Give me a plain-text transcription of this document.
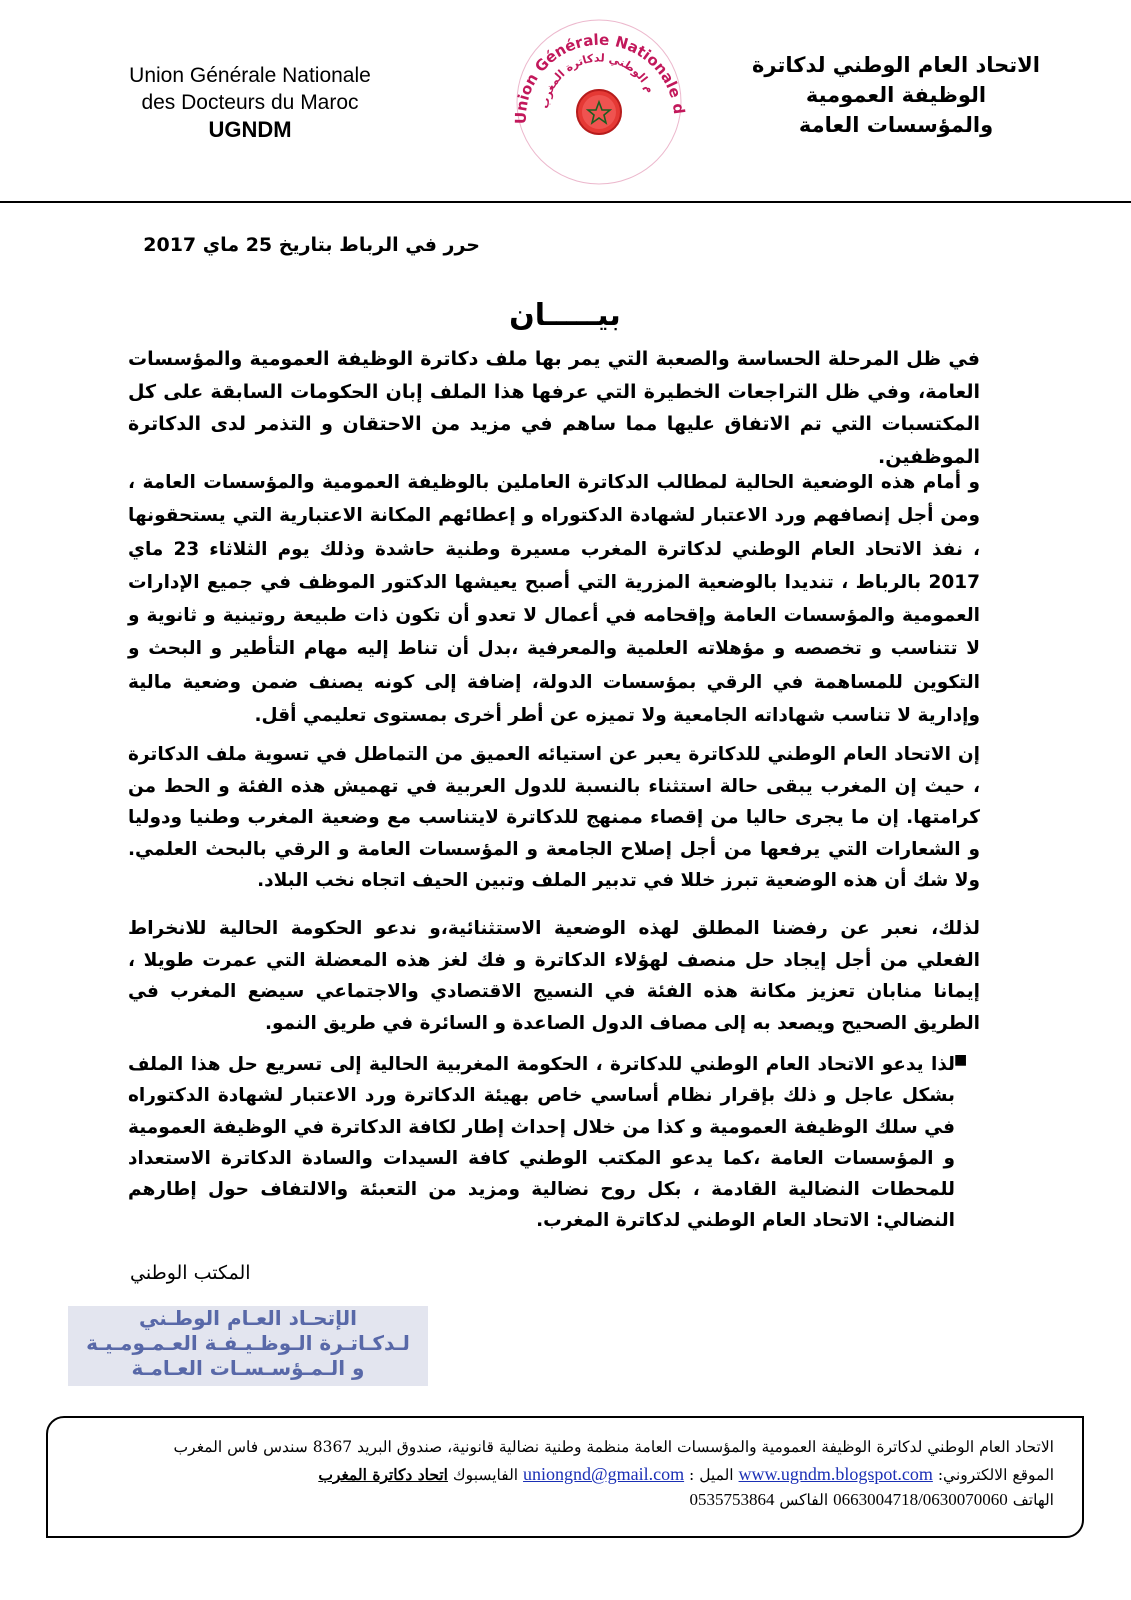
Union Générale Nationale
des Docteurs du Maroc
UGNDM	Union Générale Nationale d
م الوطني لدكاترة المغرب	الاتحاد العام الوطني لدكاترة
الوظيفة العمومية
والمؤسسات العامة
حرر في الرباط بتاريخ 25 ماي 2017
بيـــــان
في ظل المرحلة الحساسة والصعبة التي يمر بها ملف دكاترة الوظيفة العمومية والمؤسسات العامة، وفي ظل التراجعات الخطيرة التي عرفها هذا الملف إبان الحكومات السابقة على كل المكتسبات التي تم الاتفاق عليها مما ساهم في مزيد من الاحتقان و التذمر لدى الدكاترة الموظفين.
و أمام هذه الوضعية الحالية لمطالب الدكاترة العاملين بالوظيفة العمومية والمؤسسات العامة ، ومن أجل إنصافهم ورد الاعتبار لشهادة الدكتوراه و إعطائهم المكانة الاعتبارية التي يستحقونها ، نفذ الاتحاد العام الوطني لدكاترة المغرب مسيرة وطنية حاشدة وذلك يوم الثلاثاء 23 ماي 2017 بالرباط ، تنديدا بالوضعية المزرية التي أصبح يعيشها الدكتور الموظف في جميع الإدارات العمومية والمؤسسات العامة وإقحامه في أعمال لا تعدو أن تكون ذات طبيعة روتينية و ثانوية و لا تتناسب و تخصصه و مؤهلاته العلمية والمعرفية ،بدل أن تناط إليه مهام التأطير و البحث و التكوين للمساهمة في الرقي بمؤسسات الدولة، إضافة إلى كونه يصنف ضمن وضعية مالية وإدارية لا تناسب شهاداته الجامعية ولا تميزه عن أطر أخرى بمستوى تعليمي أقل.
إن الاتحاد العام الوطني للدكاترة يعبر عن استيائه العميق من التماطل في تسوية ملف الدكاترة ، حيث إن المغرب يبقى حالة استثناء بالنسبة للدول العربية في تهميش هذه الفئة و الحط من كرامتها. إن ما يجرى حاليا من إقصاء ممنهج للدكاترة لايتناسب مع وضعية المغرب وطنيا ودوليا و الشعارات التي يرفعها من أجل إصلاح الجامعة و المؤسسات العامة و الرقي بالبحث العلمي. ولا شك أن هذه الوضعية تبرز خللا في تدبير الملف وتبين الحيف اتجاه نخب البلاد.
لذلك، نعبر عن رفضنا المطلق لهذه الوضعية الاستثنائية،و ندعو الحكومة الحالية للانخراط الفعلي من أجل إيجاد حل منصف لهؤلاء الدكاترة و فك لغز هذه المعضلة التي عمرت طويلا ، إيمانا منابان تعزيز مكانة هذه الفئة في النسيج الاقتصادي والاجتماعي سيضع المغرب في الطريق الصحيح ويصعد به إلى مصاف الدول الصاعدة و السائرة في طريق النمو.
■
لذا يدعو الاتحاد العام الوطني للدكاترة ، الحكومة المغربية الحالية إلى تسريع حل هذا الملف بشكل عاجل و ذلك بإقرار نظام أساسي خاص بهيئة الدكاترة ورد الاعتبار لشهادة الدكتوراه في سلك الوظيفة العمومية و كذا من خلال إحداث إطار لكافة الدكاترة في الوظيفة العمومية و المؤسسات العامة ،كما يدعو المكتب الوطني كافة السيدات والسادة الدكاترة الاستعداد للمحطات النضالية القادمة ، بكل روح نضالية ومزيد من التعبئة والالتفاف حول إطارهم النضالي: الاتحاد العام الوطني لدكاترة المغرب.
المكتب الوطني
الإتحـاد العـام الوطـني
لـدكـاتـرة الـوظـيـفـة العـمـومـيـة
و الـمـؤسـسـات العـامـة
الاتحاد العام الوطني لدكاترة الوظيفة العمومية والمؤسسات العامة منظمة وطنية نضالية قانونية، صندوق البريد 8367 سندس فاس المغرب
الموقع الالكتروني: www.ugndm.blogspot.com الميل : uniongnd@gmail.com الفايسبوك اتحاد دكاترة المغرب
الهاتف 0663004718/0630070060 الفاكس 0535753864
